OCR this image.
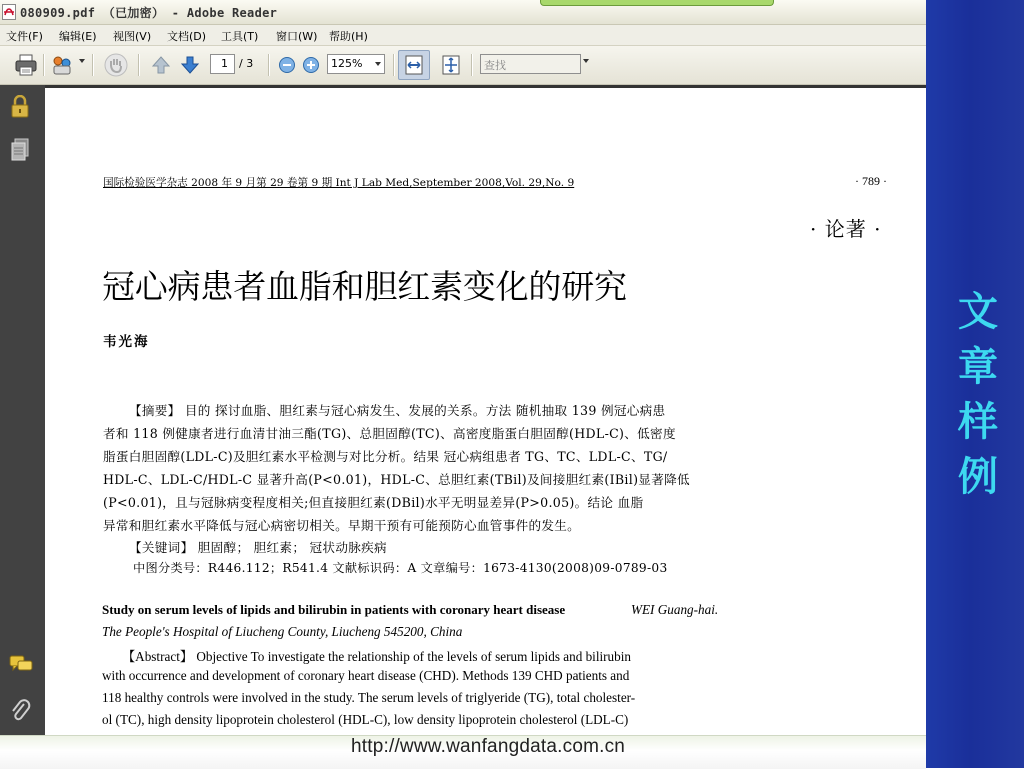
080909.pdf （已加密） - Adobe Reader
文件(F) 编辑(E) 视图(V) 文档(D) 工具(T) 窗口(W) 帮助(H)
1 / 3	125%	查找
国际检验医学杂志 2008 年 9 月第 29 卷第 9 期 Int J Lab Med,September 2008,Vol. 29,No. 9	· 789 ·
· 论著 ·
冠心病患者血脂和胆红素变化的研究
韦光海
【摘要】 目的 探讨血脂、胆红素与冠心病发生、发展的关系。方法 随机抽取 139 例冠心病患
者和 118 例健康者进行血清甘油三酯(TG)、总胆固醇(TC)、高密度脂蛋白胆固醇(HDL-C)、低密度
脂蛋白胆固醇(LDL-C)及胆红素水平检测与对比分析。结果 冠心病组患者 TG、TC、LDL-C、TG/
HDL-C、LDL-C/HDL-C 显著升高(P<0.01)，HDL-C、总胆红素(TBil)及间接胆红素(IBil)显著降低
(P<0.01)，且与冠脉病变程度相关;但直接胆红素(DBil)水平无明显差异(P>0.05)。结论 血脂
异常和胆红素水平降低与冠心病密切相关。早期干预有可能预防心血管事件的发生。
【关键词】 胆固醇； 胆红素； 冠状动脉疾病
中图分类号：R446.112；R541.4 文献标识码：A 文章编号：1673-4130(2008)09-0789-03
Study on serum levels of lipids and bilirubin in patients with coronary heart disease	WEI Guang-hai.
The People's Hospital of Liucheng County, Liucheng 545200, China
【Abstract】 Objective To investigate the relationship of the levels of serum lipids and bilirubin
with occurrence and development of coronary heart disease (CHD). Methods 139 CHD patients and
118 healthy controls were involved in the study. The serum levels of triglyeride (TG), total cholester-
ol (TC), high density lipoprotein cholesterol (HDL-C), low density lipoprotein cholesterol (LDL-C)
http://www.wanfangdata.com.cn
文
章
样
例
